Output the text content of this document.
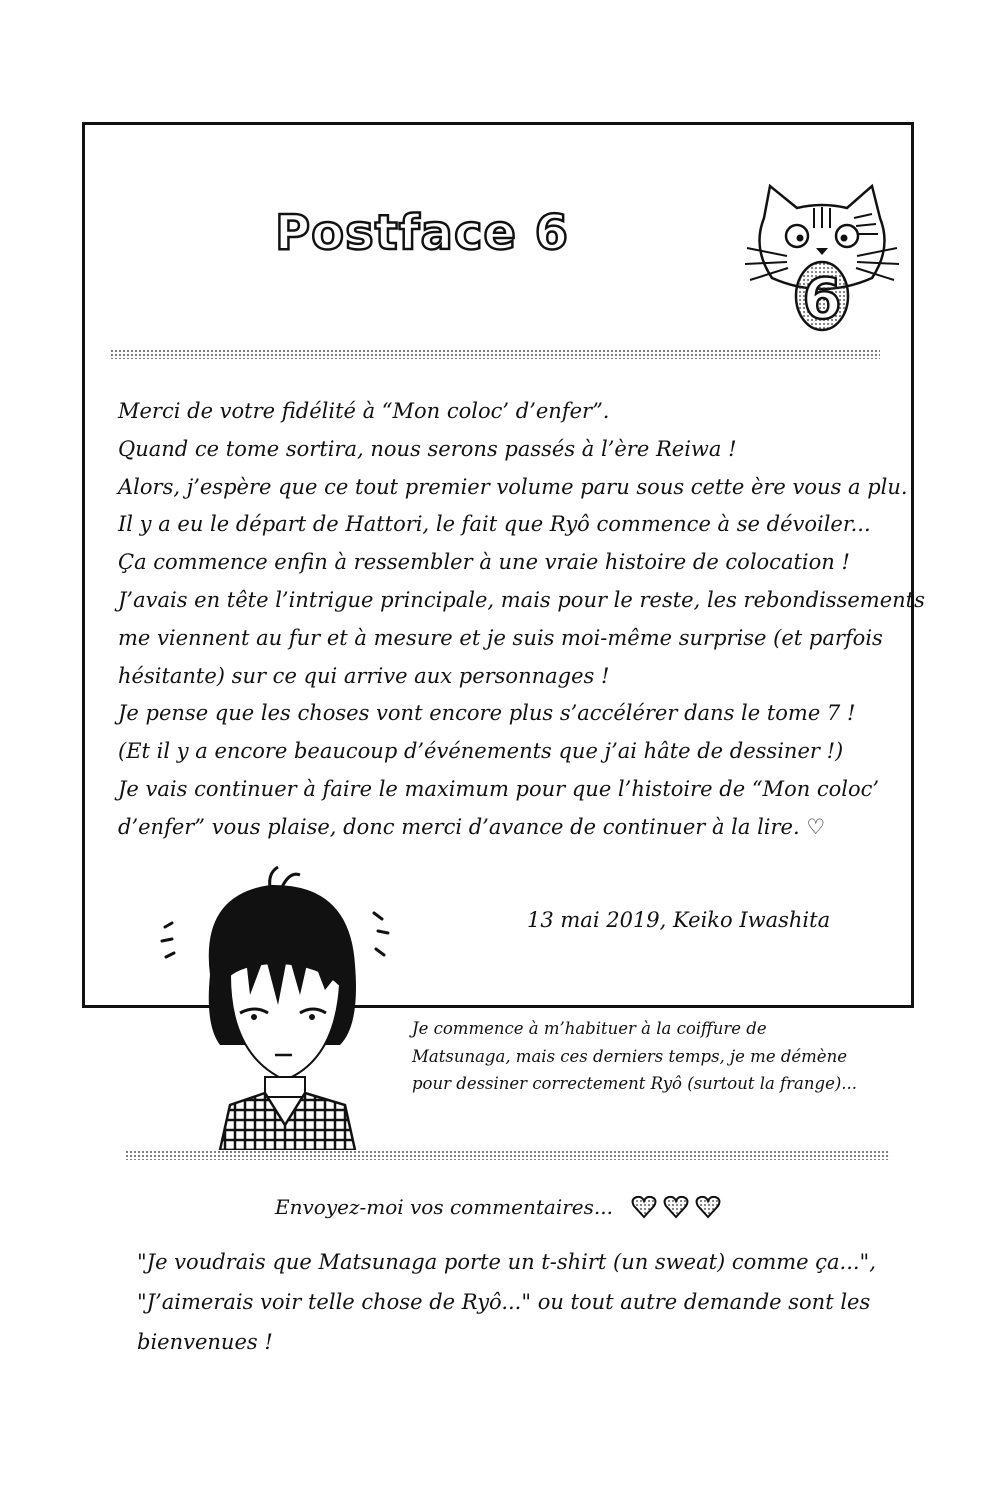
Postface 6
6
Merci de votre fidélité à “Mon coloc’ d’enfer”.
Quand ce tome sortira, nous serons passés à l’ère Reiwa !
Alors, j’espère que ce tout premier volume paru sous cette ère vous a plu.
Il y a eu le départ de Hattori, le fait que Ryô commence à se dévoiler...
Ça commence enfin à ressembler à une vraie histoire de colocation !
J’avais en tête l’intrigue principale, mais pour le reste, les rebondissements
me viennent au fur et à mesure et je suis moi-même surprise (et parfois
hésitante) sur ce qui arrive aux personnages !
Je pense que les choses vont encore plus s’accélérer dans le tome 7 !
(Et il y a encore beaucoup d’événements que j’ai hâte de dessiner !)
Je vais continuer à faire le maximum pour que l’histoire de “Mon coloc’
d’enfer” vous plaise, donc merci d’avance de continuer à la lire. ♡
13 mai 2019, Keiko Iwashita
Je commence à m’habituer à la coiffure de
Matsunaga, mais ces derniers temps, je me démène
pour dessiner correctement Ryô (surtout la frange)...
Envoyez-moi vos commentaires...
"Je voudrais que Matsunaga porte un t-shirt (un sweat) comme ça...",
"J’aimerais voir telle chose de Ryô..." ou tout autre demande sont les
bienvenues !
